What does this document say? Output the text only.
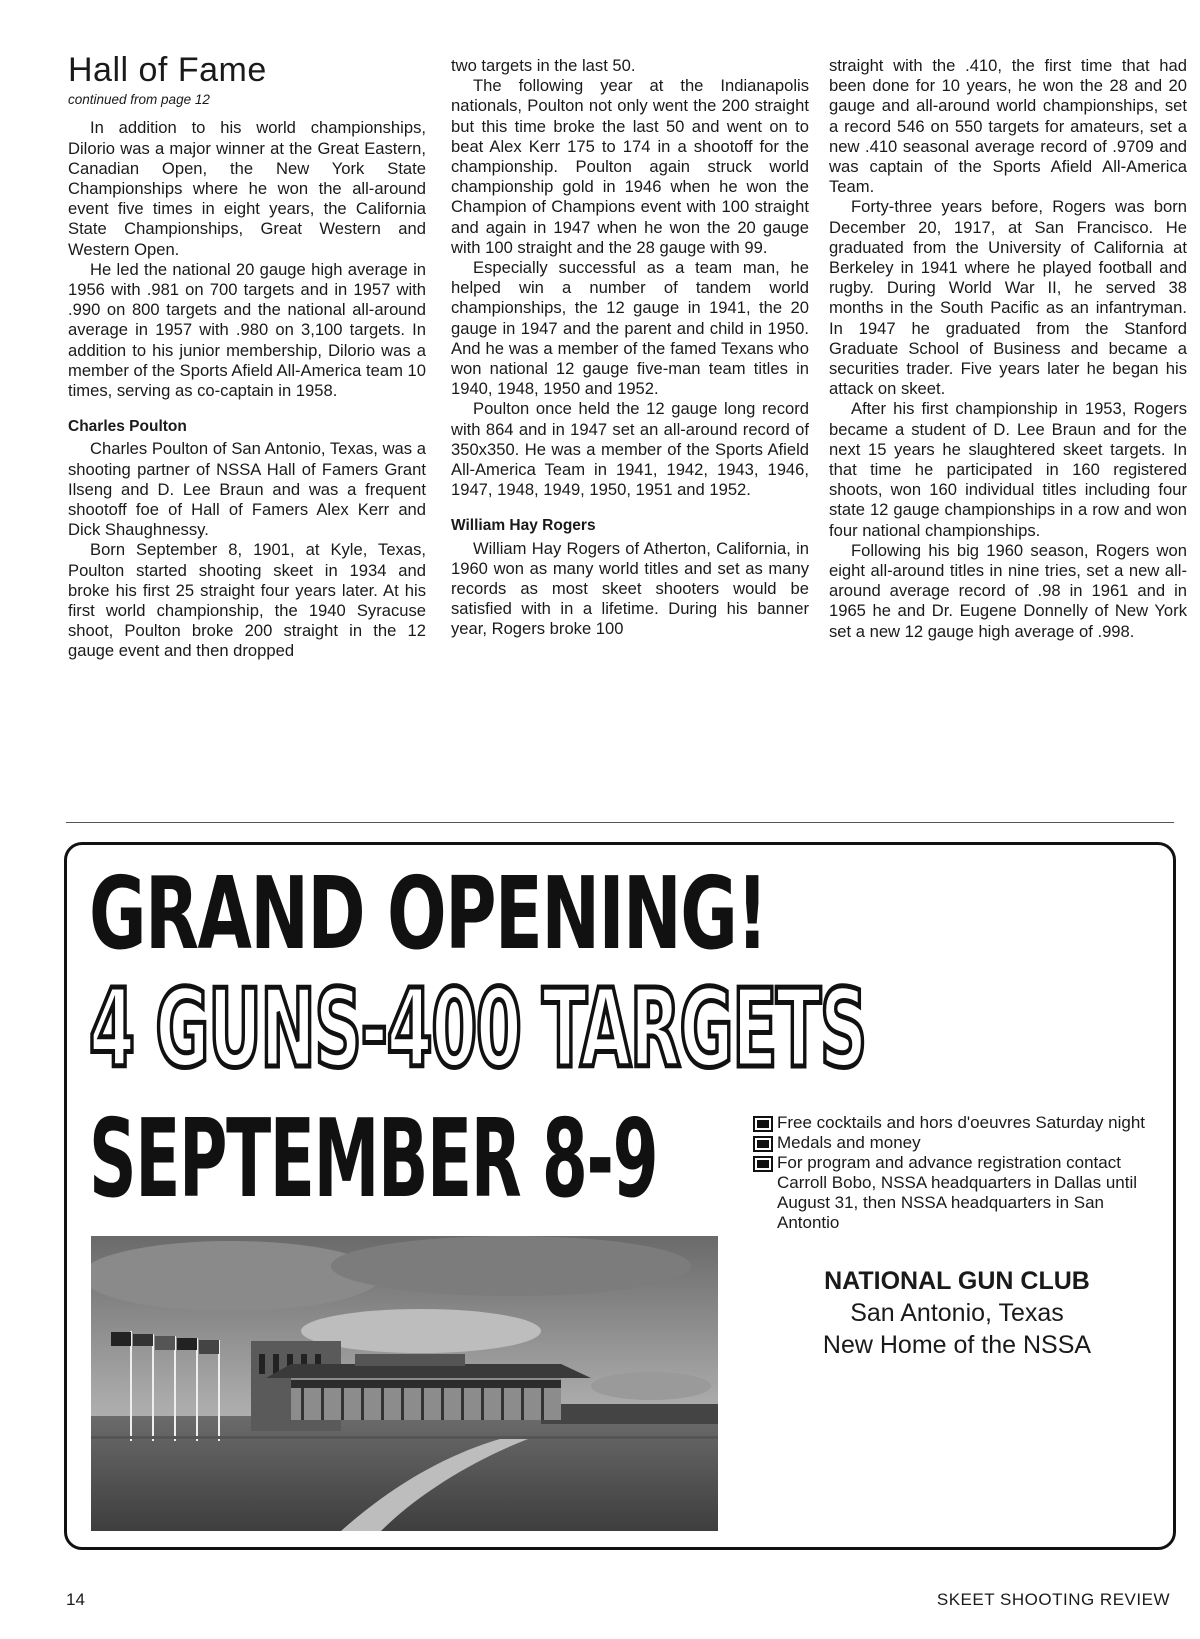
Hall of Fame
continued from page 12

In addition to his world championships, Dilorio was a major winner at the Great Eastern, Canadian Open, the New York State Championships where he won the all-around event five times in eight years, the California State Championships, Great Western and Western Open.

He led the national 20 gauge high average in 1956 with .981 on 700 targets and in 1957 with .990 on 800 targets and the national all-around average in 1957 with .980 on 3,100 targets. In addition to his junior membership, Dilorio was a member of the Sports Afield All-America team 10 times, serving as co-captain in 1958.

Charles Poulton

Charles Poulton of San Antonio, Texas, was a shooting partner of NSSA Hall of Famers Grant Ilseng and D. Lee Braun and was a frequent shootoff foe of Hall of Famers Alex Kerr and Dick Shaughnessy.

Born September 8, 1901, at Kyle, Texas, Poulton started shooting skeet in 1934 and broke his first 25 straight four years later. At his first world championship, the 1940 Syracuse shoot, Poulton broke 200 straight in the 12 gauge event and then dropped

two targets in the last 50.

The following year at the Indianapolis nationals, Poulton not only went the 200 straight but this time broke the last 50 and went on to beat Alex Kerr 175 to 174 in a shootoff for the championship. Poulton again struck world championship gold in 1946 when he won the Champion of Champions event with 100 straight and again in 1947 when he won the 20 gauge with 100 straight and the 28 gauge with 99.

Especially successful as a team man, he helped win a number of tandem world championships, the 12 gauge in 1941, the 20 gauge in 1947 and the parent and child in 1950. And he was a member of the famed Texans who won national 12 gauge five-man team titles in 1940, 1948, 1950 and 1952.

Poulton once held the 12 gauge long record with 864 and in 1947 set an all-around record of 350x350. He was a member of the Sports Afield All-America Team in 1941, 1942, 1943, 1946, 1947, 1948, 1949, 1950, 1951 and 1952.

William Hay Rogers

William Hay Rogers of Atherton, California, in 1960 won as many world titles and set as many records as most skeet shooters would be satisfied with in a lifetime. During his banner year, Rogers broke 100

straight with the .410, the first time that had been done for 10 years, he won the 28 and 20 gauge and all-around world championships, set a record 546 on 550 targets for amateurs, set a new .410 seasonal average record of .9709 and was captain of the Sports Afield All-America Team.

Forty-three years before, Rogers was born December 20, 1917, at San Francisco. He graduated from the University of California at Berkeley in 1941 where he played football and rugby. During World War II, he served 38 months in the South Pacific as an infantryman. In 1947 he graduated from the Stanford Graduate School of Business and became a securities trader. Five years later he began his attack on skeet.

After his first championship in 1953, Rogers became a student of D. Lee Braun and for the next 15 years he slaughtered skeet targets. In that time he participated in 160 registered shoots, won 160 individual titles including four state 12 gauge championships in a row and won four national championships.

Following his big 1960 season, Rogers won eight all-around titles in nine tries, set a new all-around average record of .98 in 1961 and in 1965 he and Dr. Eugene Donnelly of New York set a new 12 gauge high average of .998.

GRAND OPENING!
4 GUNS-400 TARGETS
SEPTEMBER 8-9	Free cocktails and hors d'oeuvres Saturday night
Medals and money
For program and advance registration contact Carroll Bobo, NSSA headquarters in Dallas until August 31, then NSSA headquarters in San Antontio
NATIONAL GUN CLUB
San Antonio, Texas
New Home of the NSSA
14	SKEET SHOOTING REVIEW
